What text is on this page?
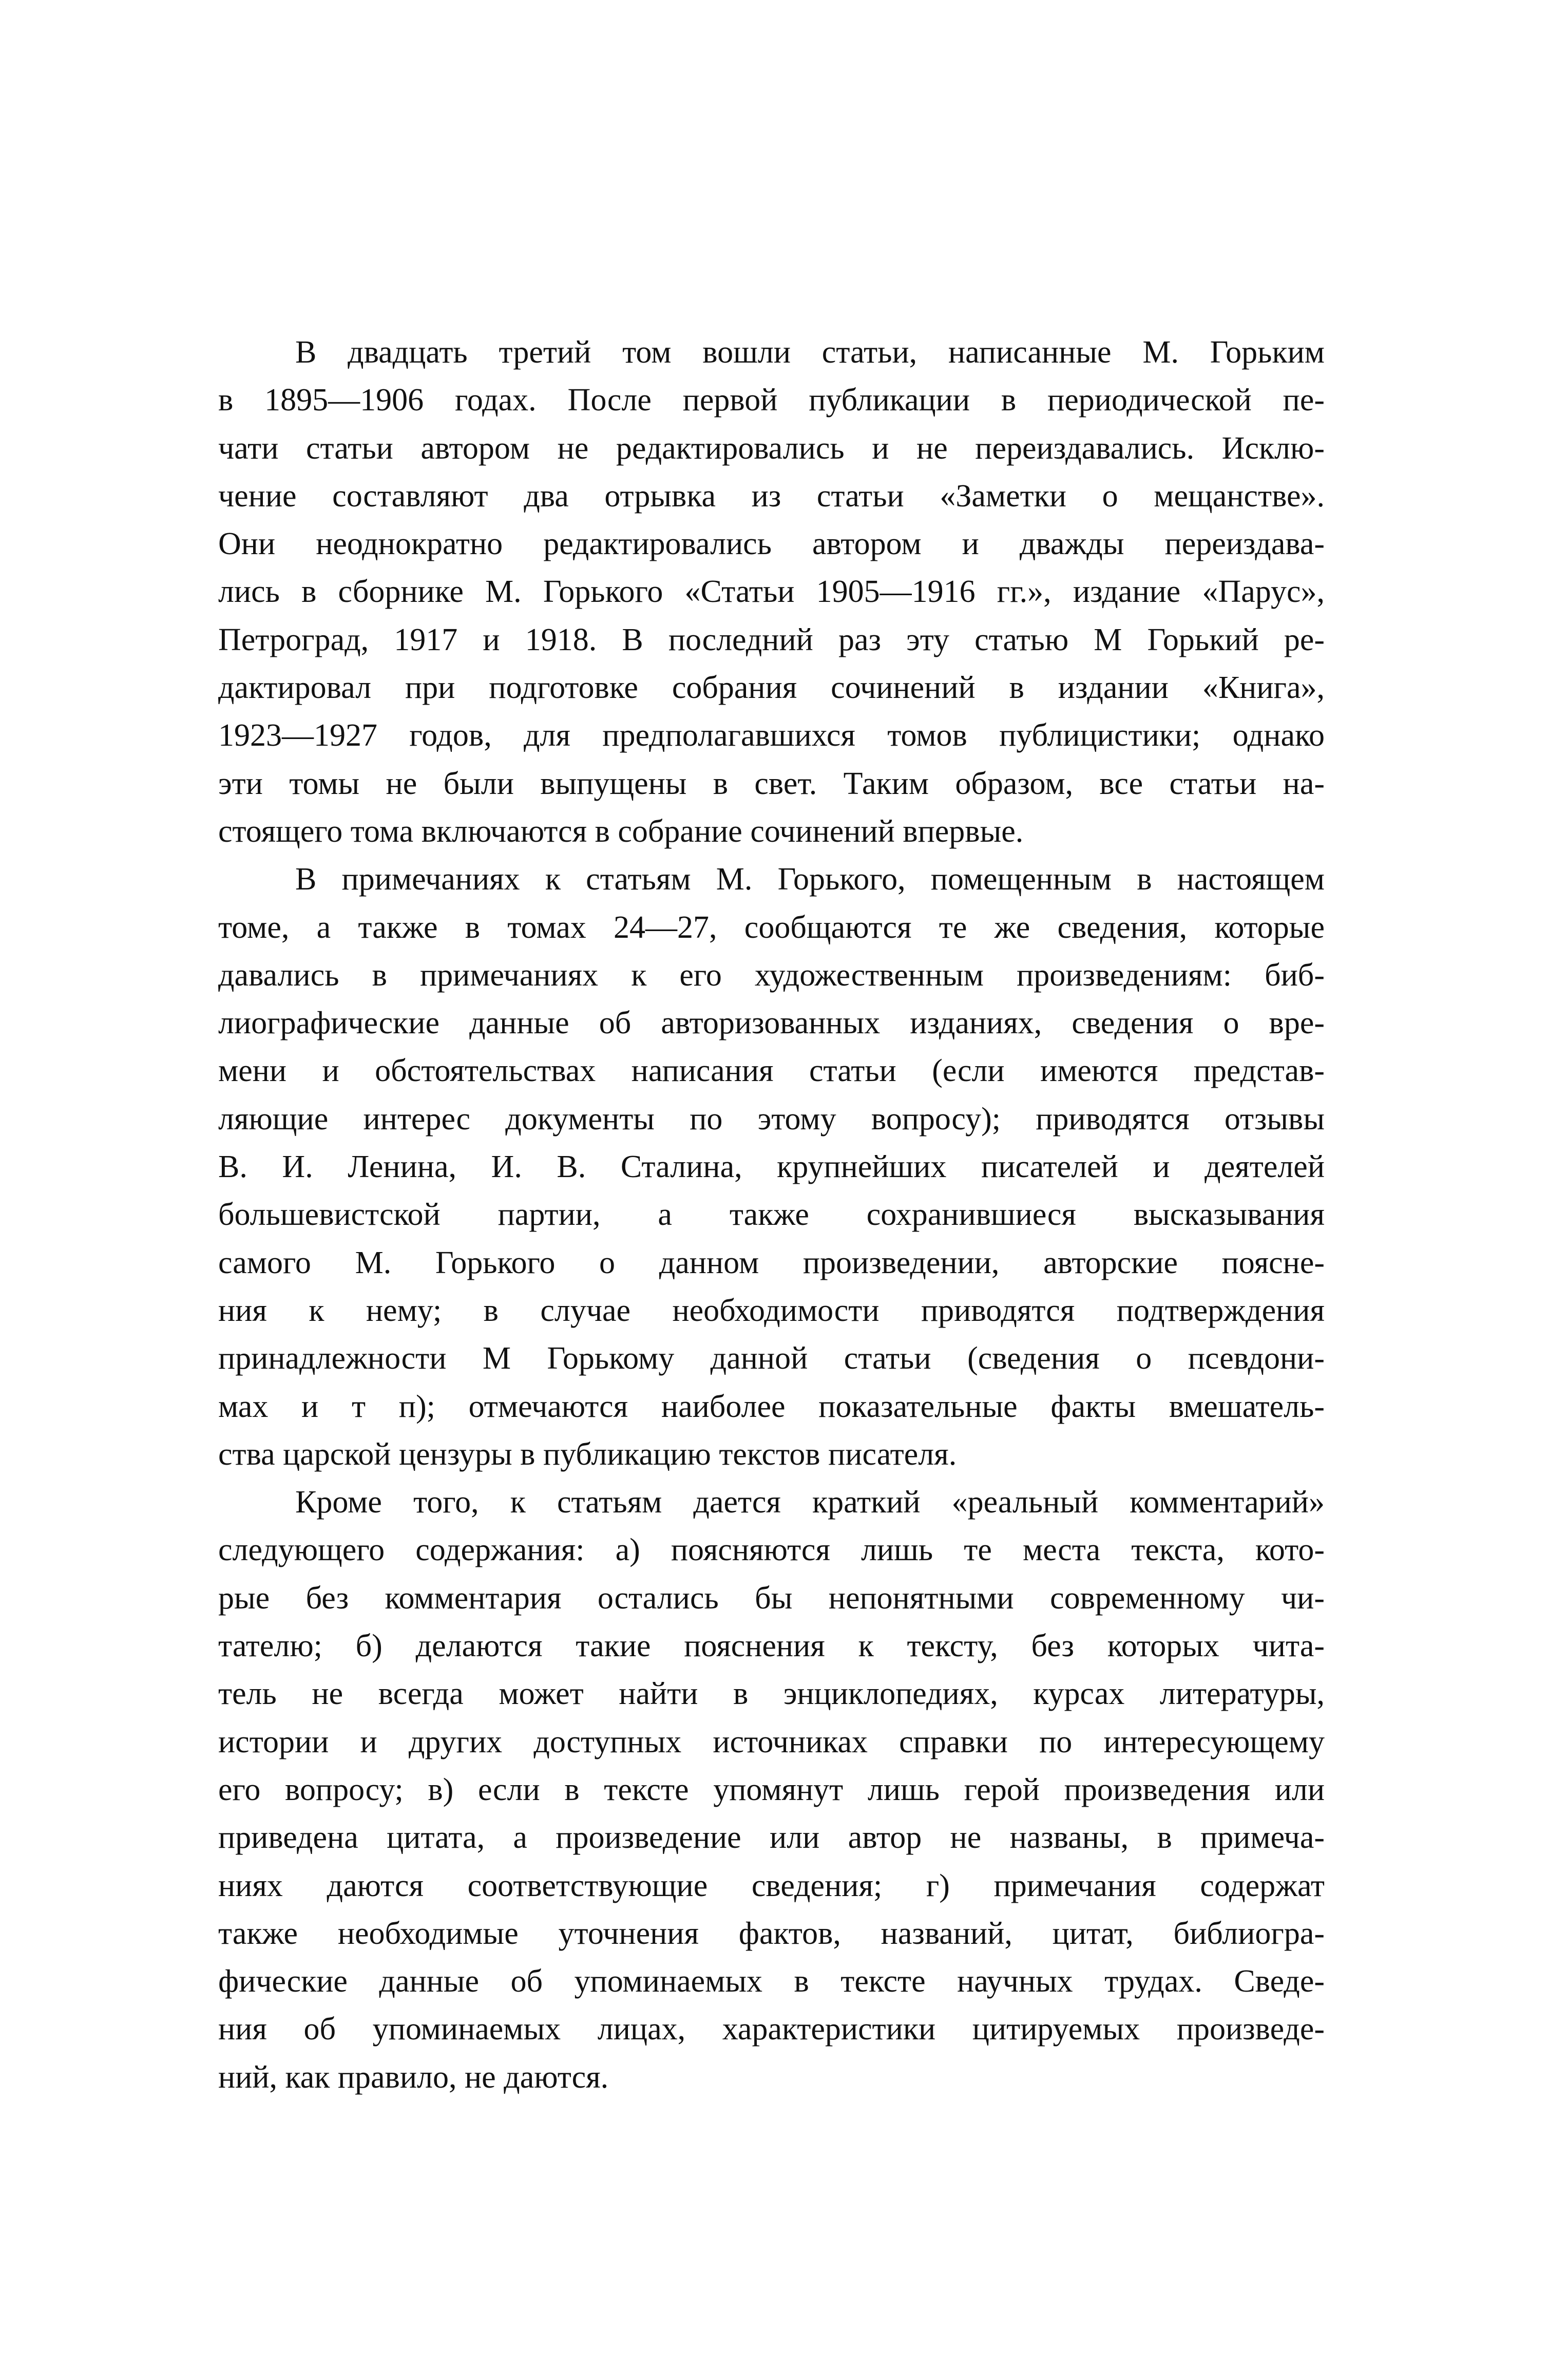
В двадцать третий том вошли статьи, написанные М. Горьким
в 1895—1906 годах. После первой публикации в периодической пе-
чати статьи автором не редактировались и не переиздавались. Исклю-
чение составляют два отрывка из статьи «Заметки о мещанстве».
Они неоднократно редактировались автором и дважды переиздава-
лись в сборнике М. Горького «Статьи 1905—1916 гг.», издание «Парус»,
Петроград, 1917 и 1918. В последний раз эту статью М Горький ре-
дактировал при подготовке собрания сочинений в издании «Книга»,
1923—1927 годов, для предполагавшихся томов публицистики; однако
эти томы не были выпущены в свет. Таким образом, все статьи на-
стоящего тома включаются в собрание сочинений впервые.
В примечаниях к статьям М. Горького, помещенным в настоящем
томе, а также в томах 24—27, сообщаются те же сведения, которые
давались в примечаниях к его художественным произведениям: биб-
лиографические данные об авторизованных изданиях, сведения о вре-
мени и обстоятельствах написания статьи (если имеются представ-
ляющие интерес документы по этому вопросу); приводятся отзывы
В. И. Ленина, И. В. Сталина, крупнейших писателей и деятелей
большевистской партии, а также сохранившиеся высказывания
самого М. Горького о данном произведении, авторские поясне-
ния к нему; в случае необходимости приводятся подтверждения
принадлежности М Горькому данной статьи (сведения о псевдони-
мах и т п); отмечаются наиболее показательные факты вмешатель-
ства царской цензуры в публикацию текстов писателя.
Кроме того, к статьям дается краткий «реальный комментарий»
следующего содержания: а) поясняются лишь те места текста, кото-
рые без комментария остались бы непонятными современному чи-
тателю; б) делаются такие пояснения к тексту, без которых чита-
тель не всегда может найти в энциклопедиях, курсах литературы,
истории и других доступных источниках справки по интересующему
его вопросу; в) если в тексте упомянут лишь герой произведения или
приведена цитата, а произведение или автор не названы, в примеча-
ниях даются соответствующие сведения; г) примечания содержат
также необходимые уточнения фактов, названий, цитат, библиогра-
фические данные об упоминаемых в тексте научных трудах. Сведе-
ния об упоминаемых лицах, характеристики цитируемых произведе-
ний, как правило, не даются.
